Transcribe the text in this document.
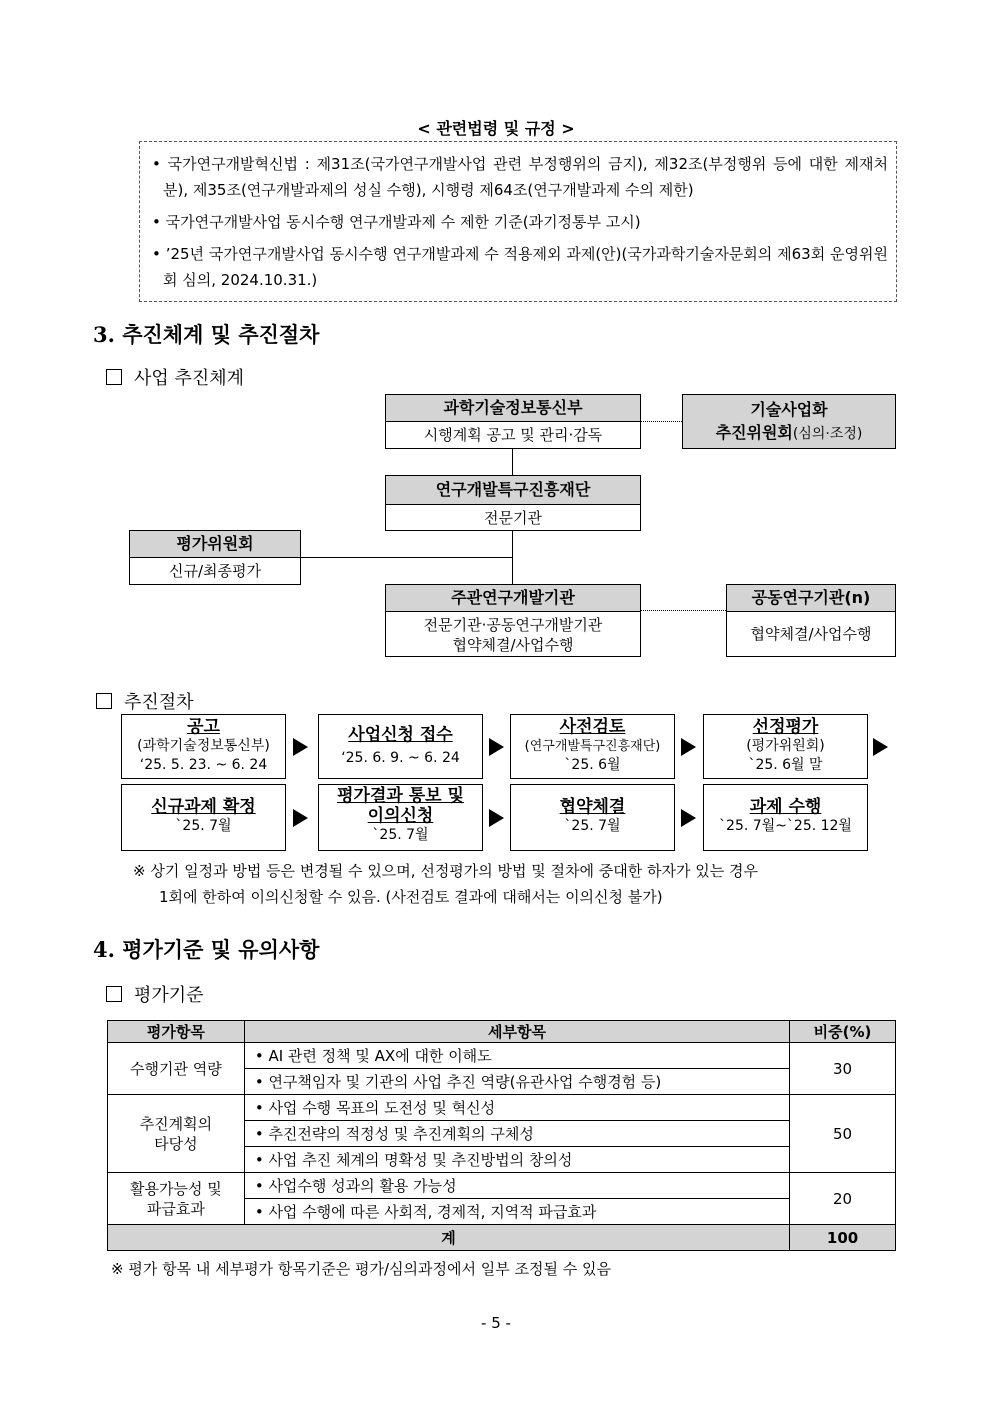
< 관련법령 및 규정 >
• 국가연구개발혁신법 : 제31조(국가연구개발사업 관련 부정행위의 금지), 제32조(부정행위 등에 대한 제재처분), 제35조(연구개발과제의 성실 수행), 시행령 제64조(연구개발과제 수의 제한)
• 국가연구개발사업 동시수행 연구개발과제 수 제한 기준(과기정통부 고시)
• ’25년 국가연구개발사업 동시수행 연구개발과제 수 적용제외 과제(안)(국가과학기술자문회의 제63회 운영위원회 심의, 2024.10.31.)
3. 추진체계 및 추진절차
사업 추진체계
과학기술정보통신부
시행계획 공고 및 관리·감독
기술사업화
추진위원회(심의·조정)
연구개발특구진흥재단
전문기관
평가위원회
신규/최종평가
주관연구개발기관
전문기관·공동연구개발기관
협약체결/사업수행
공동연구기관(n)
협약체결/사업수행
추진절차
공고
(과학기술정보통신부)
‘25. 5. 23. ~ 6. 24
사업신청 접수
‘25. 6. 9. ~ 6. 24
사전검토
(연구개발특구진흥재단)
`25. 6월
선정평가
(평가위원회)
`25. 6월 말
신규과제 확정
`25. 7월
평가결과 통보 및
이의신청
`25. 7월
협약체결
`25. 7월
과제 수행
`25. 7월~`25. 12월
※ 상기 일정과 방법 등은 변경될 수 있으며, 선정평가의 방법 및 절차에 중대한 하자가 있는 경우
1회에 한하여 이의신청할 수 있음. (사전검토 결과에 대해서는 이의신청 불가)
4. 평가기준 및 유의사항
평가기준
평가항목	세부항목	비중(%)
수행기관 역량	• AI 관련 정책 및 AX에 대한 이해도	30
	• 연구책임자 및 기관의 사업 추진 역량(유관사업 수행경험 등)	

추진계획의
타당성	• 사업 수행 목표의 도전성 및 혁신성	50
	• 추진전략의 적정성 및 추진계획의 구체성	
	• 사업 추진 체계의 명확성 및 추진방법의 창의성	

활용가능성 및
파급효과	• 사업수행 성과의 활용 가능성	20
	• 사업 수행에 따른 사회적, 경제적, 지역적 파급효과	
계		100
※ 평가 항목 내 세부평가 항목기준은 평가/심의과정에서 일부 조정될 수 있음
- 5 -
